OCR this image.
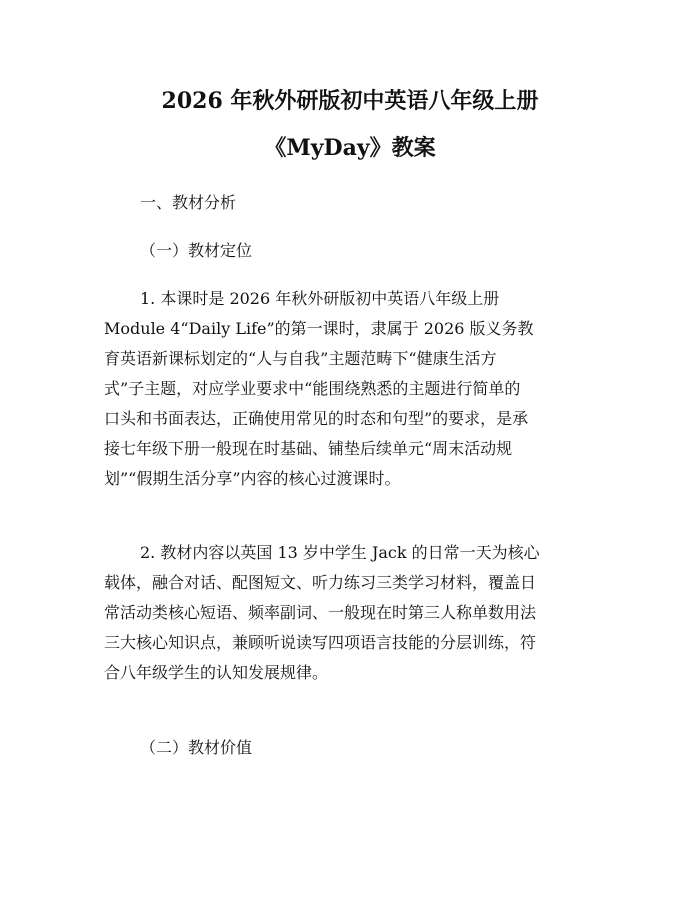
2026 年秋外研版初中英语八年级上册
《MyDay》教案
一、教材分析
（一）教材定位
1. 本课时是 2026 年秋外研版初中英语八年级上册
Module 4“Daily Life”的第一课时，隶属于 2026 版义务教
育英语新课标划定的“人与自我”主题范畴下“健康生活方
式”子主题，对应学业要求中“能围绕熟悉的主题进行简单的
口头和书面表达，正确使用常见的时态和句型”的要求，是承
接七年级下册一般现在时基础、铺垫后续单元“周末活动规
划”“假期生活分享”内容的核心过渡课时。
2. 教材内容以英国 13 岁中学生 Jack 的日常一天为核心
载体，融合对话、配图短文、听力练习三类学习材料，覆盖日
常活动类核心短语、频率副词、一般现在时第三人称单数用法
三大核心知识点，兼顾听说读写四项语言技能的分层训练，符
合八年级学生的认知发展规律。
（二）教材价值
